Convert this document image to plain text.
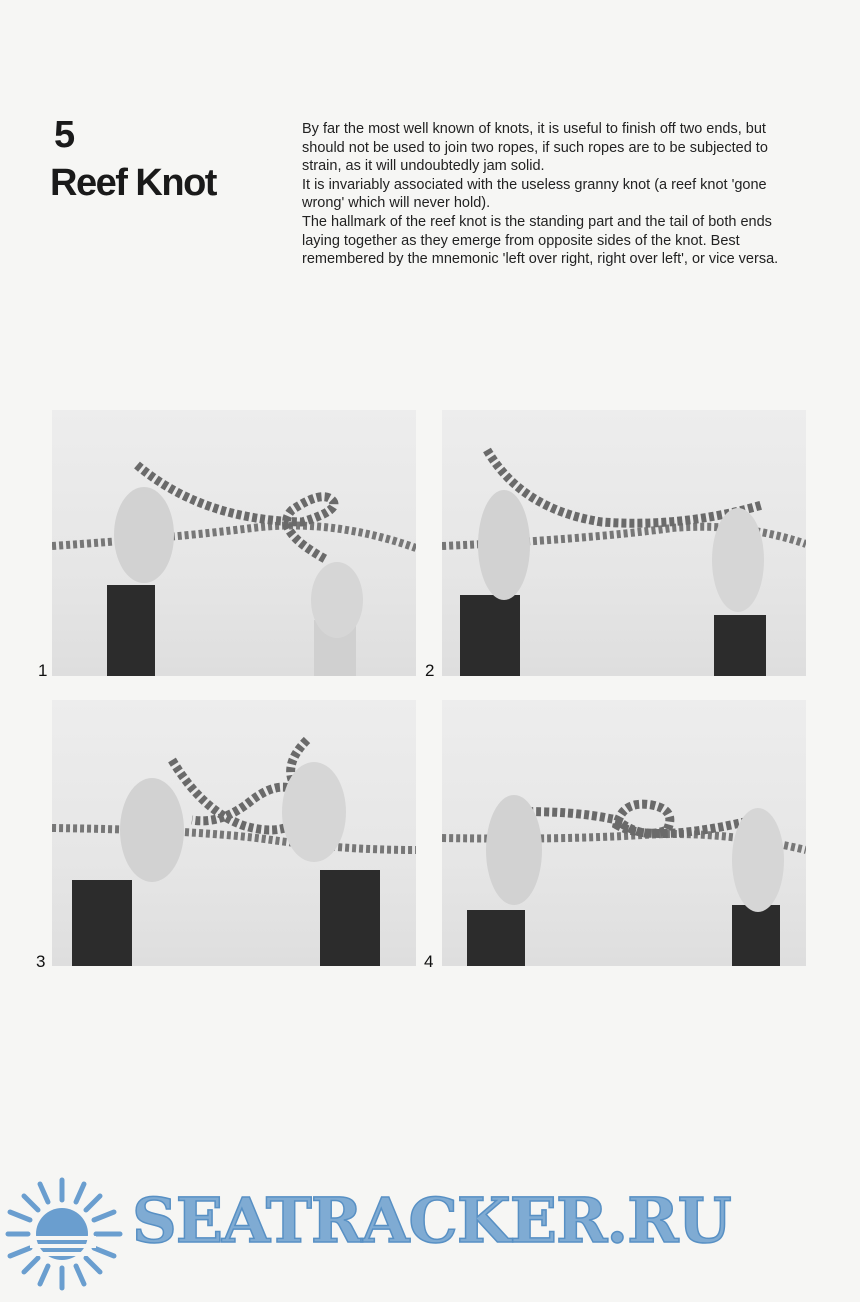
5
Reef Knot

By far the most well known of knots, it is useful to finish off two ends, but should not be used to join two ropes, if such ropes are to be subjected to strain, as it will undoubtedly jam solid.

It is invariably associated with the useless granny knot (a reef knot 'gone wrong' which will never hold).

The hallmark of the reef knot is the standing part and the tail of both ends laying together as they emerge from opposite sides of the knot. Best remembered by the mnemonic 'left over right, right over left', or vice versa.

1	2
3	4
SEATRACKER.RU
